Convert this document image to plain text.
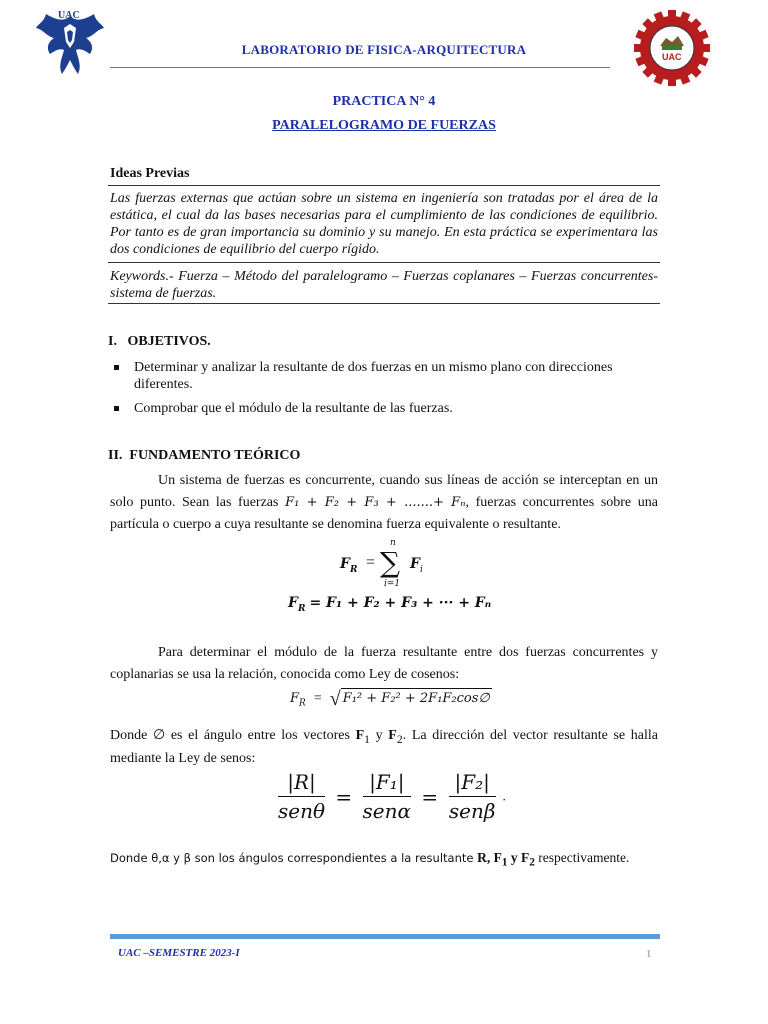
UAC
UAC
LABORATORIO DE FISICA-ARQUITECTURA
PRACTICA N° 4
PARALELOGRAMO DE FUERZAS
Ideas Previas
Las fuerzas externas que actúan sobre un sistema en ingeniería son tratadas por el área de la estática, el cual da las bases necesarias para el cumplimiento de las condiciones de equilibrio. Por tanto es de gran importancia su dominio y su manejo. En esta práctica se experimentara las dos condiciones de equilibrio del cuerpo rígido.
Keywords.- Fuerza – Método del paralelogramo – Fuerzas coplanares – Fuerzas concurrentes- sistema de fuerzas.
I.   OBJETIVOS.
Determinar y analizar la resultante de dos fuerzas en un mismo plano con direcciones diferentes.
Comprobar que el módulo de la resultante de las fuerzas.
II.  FUNDAMENTO TEÓRICO
Un sistema de fuerzas es concurrente, cuando sus líneas de acción se interceptan en un solo punto. Sean las fuerzas F₁ + F₂ + F₃ + .......+ Fₙ, fuerzas concurrentes sobre una partícula o cuerpo a cuya resultante se denomina fuerza equivalente o resultante.
$F_R$ = ∑
n
i=1
$F_i$
$F_R = F_1 + F_2 + F_3$ + ··· + Fₙ
Para determinar el módulo de la fuerza resultante entre dos fuerzas concurrentes y coplanarias se usa la relación, conocida como Ley de cosenos:
$F_R$ = √ F₁² + F₂² + 2F₁F₂cos∅
Donde ∅ es el ángulo entre los vectores $F_1$ y $F_2$. La dirección del vector resultante se halla mediante la Ley de senos:
$\frac{|R|}{\text{senθ}} = \frac{\text{|F₁|}}{\text{senα}} = \frac{\text{|F₂|}}{\text{senβ}}$ .
Donde θ,α y β son los ángulos correspondientes a la resultante R, $F_1$ y $F_2$ respectivamente.
UAC –SEMESTRE 2023-I	1
